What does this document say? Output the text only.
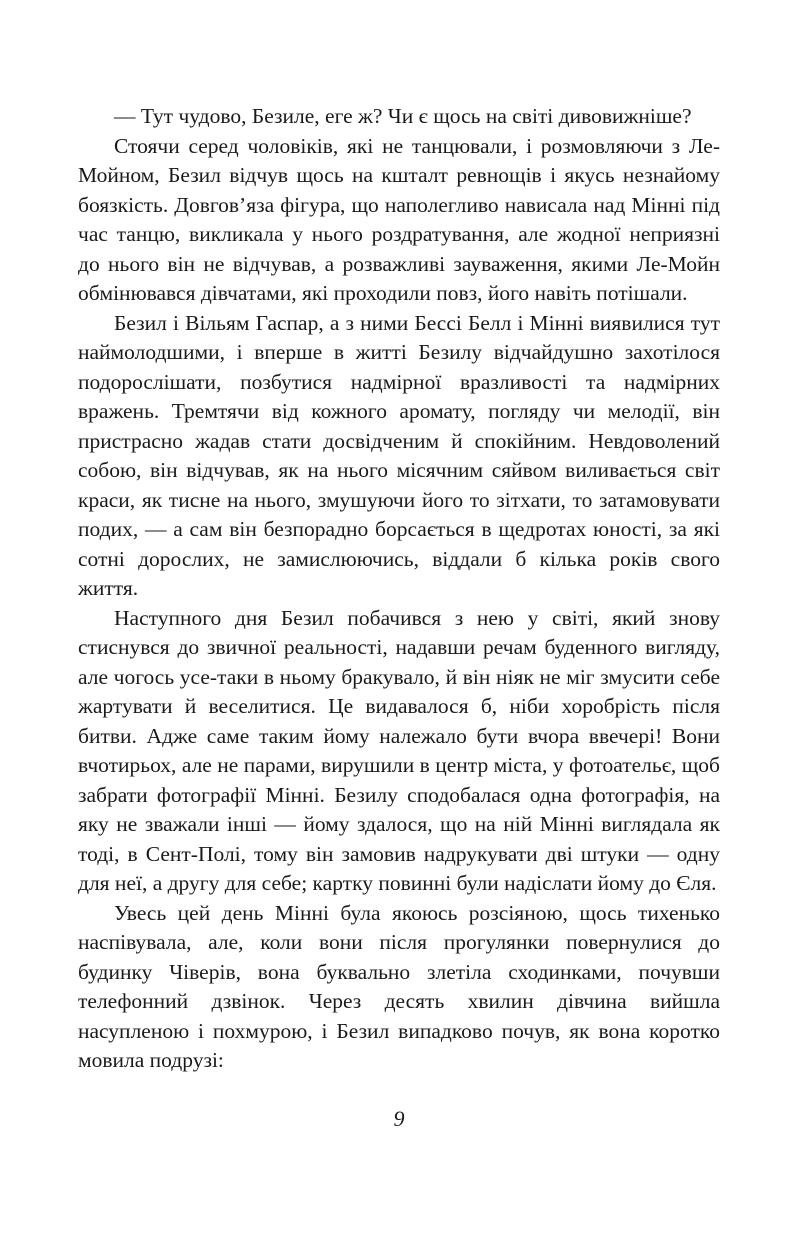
— Тут чудово, Безиле, еге ж? Чи є щось на світі дивовижніше?

Стоячи серед чоловіків, які не танцювали, і розмовляючи з Ле-Мойном, Безил відчув щось на кшталт ревнощів і якусь незнайому боязкість. Довгов’яза фігура, що наполегливо нависала над Мінні під час танцю, викликала у нього роздратування, але жодної неприязні до нього він не відчував, а розважливі зауваження, якими Ле-Мойн обмінювався дівчатами, які проходили повз, його навіть потішали.

Безил і Вільям Гаспар, а з ними Бессі Белл і Мінні виявилися тут наймолодшими, і вперше в житті Безилу відчайдушно захотілося подорослішати, позбутися надмірної вразливості та надмірних вражень. Тремтячи від кожного аромату, погляду чи мелодії, він пристрасно жадав стати досвідченим й спокійним. Невдоволений собою, він відчував, як на нього місячним сяйвом виливається світ краси, як тисне на нього, змушуючи його то зітхати, то затамовувати подих, — а сам він безпорадно борсається в щедротах юності, за які сотні дорослих, не замислюючись, віддали б кілька років свого життя.

Наступного дня Безил побачився з нею у світі, який знову стиснувся до звичної реальності, надавши речам буденного вигляду, але чогось усе-таки в ньому бракувало, й він ніяк не міг змусити себе жартувати й веселитися. Це видавалося б, ніби хоробрість після битви. Адже саме таким йому належало бути вчора ввечері! Вони вчотирьох, але не парами, вирушили в центр міста, у фотоательє, щоб забрати фотографії Мінні. Безилу сподобалася одна фотографія, на яку не зважали інші — йому здалося, що на ній Мінні виглядала як тоді, в Сент-Полі, тому він замовив надрукувати дві штуки — одну для неї, а другу для себе; картку повинні були надіслати йому до Єля.

Увесь цей день Мінні була якоюсь розсіяною, щось тихенько наспівувала, але, коли вони після прогулянки повернулися до будинку Чіверів, вона буквально злетіла сходинками, почувши телефонний дзвінок. Через десять хвилин дівчина вийшла насупленою і похмурою, і Безил випадково почув, як вона коротко мовила подрузі:

9
